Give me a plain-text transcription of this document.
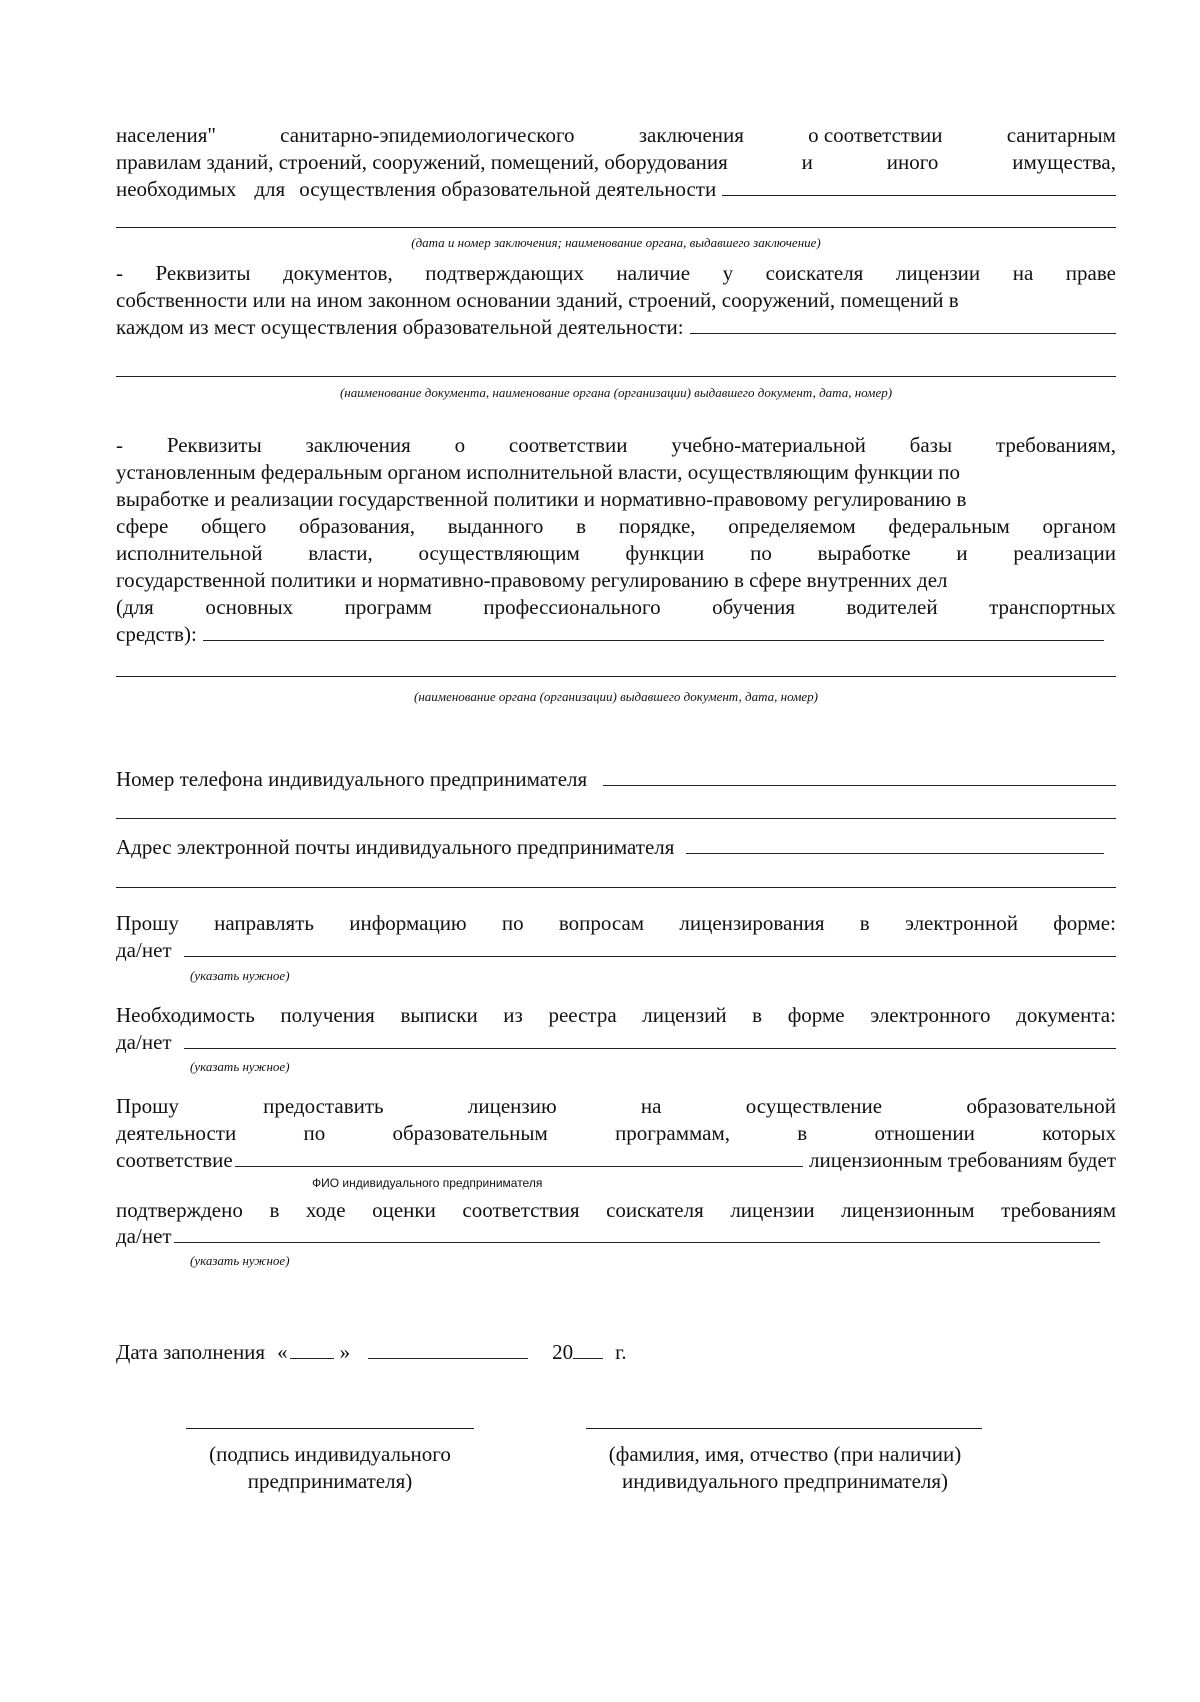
населения"	санитарно-эпидемиологического	заключения	о соответствии	санитарным
правилам зданий, строений, сооружений, помещений, оборудования	и	иного	имущества,
необходимых для осуществления образовательной деятельности
(дата и номер заключения; наименование органа, выдавшего заключение)
- Реквизиты документов, подтверждающих наличие у соискателя лицензии на праве
собственности или на ином законном основании зданий, строений, сооружений, помещений в
каждом из мест осуществления образовательной деятельности:
(наименование документа, наименование органа (организации) выдавшего документ, дата, номер)
- Реквизиты заключения о соответствии учебно-материальной базы требованиям,
установленным федеральным органом исполнительной власти, осуществляющим функции по
выработке и реализации государственной политики и нормативно-правовому регулированию в
сфере общего образования, выданного в порядке, определяемом федеральным органом
исполнительной власти, осуществляющим функции по выработке и реализации
государственной политики и нормативно-правовому регулированию в сфере внутренних дел
(для основных программ профессионального обучения водителей транспортных
средств):
(наименование органа (организации) выдавшего документ, дата, номер)
Номер телефона индивидуального предпринимателя
Адрес электронной почты индивидуального предпринимателя
Прошу направлять информацию по вопросам лицензирования в электронной форме:
да/нет
(указать нужное)
Необходимость получения выписки из реестра лицензий в форме электронного документа:
да/нет
(указать нужное)
Прошу	предоставить	лицензию	на	осуществление	образовательной
деятельности	по	образовательным	программам,	в	отношении	которых
соответствие	лицензионным требованиям будет
ФИО индивидуального предпринимателя
подтверждено в ходе оценки соответствия соискателя лицензии лицензионным требованиям
да/нет
(указать нужное)
Дата заполнения « »	20 г.
(подпись индивидуального
предпринимателя)
(фамилия, имя, отчество (при наличии)
индивидуального предпринимателя)
